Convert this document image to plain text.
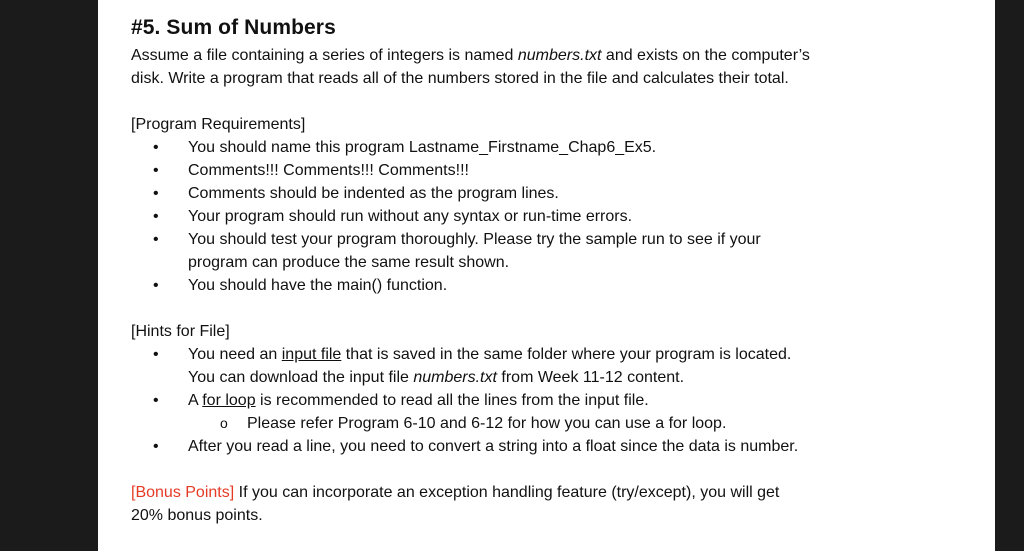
#5. Sum of Numbers

Assume a file containing a series of integers is named numbers.txt and exists on the computer’s

disk. Write a program that reads all of the numbers stored in the file and calculates their total.

[Program Requirements]

• You should name this program Lastname_Firstname_Chap6_Ex5.
• Comments!!! Comments!!! Comments!!!
• Comments should be indented as the program lines.
• Your program should run without any syntax or run-time errors.
• You should test your program thoroughly. Please try the sample run to see if your
program can produce the same result shown.
• You should have the main() function.

[Hints for File]

• You need an input file that is saved in the same folder where your program is located.
You can download the input file numbers.txt from Week 11-12 content.
• A for loop is recommended to read all the lines from the input file.
o Please refer Program 6-10 and 6-12 for how you can use a for loop.
• After you read a line, you need to convert a string into a float since the data is number.

[Bonus Points] If you can incorporate an exception handling feature (try/except), you will get

20% bonus points.
